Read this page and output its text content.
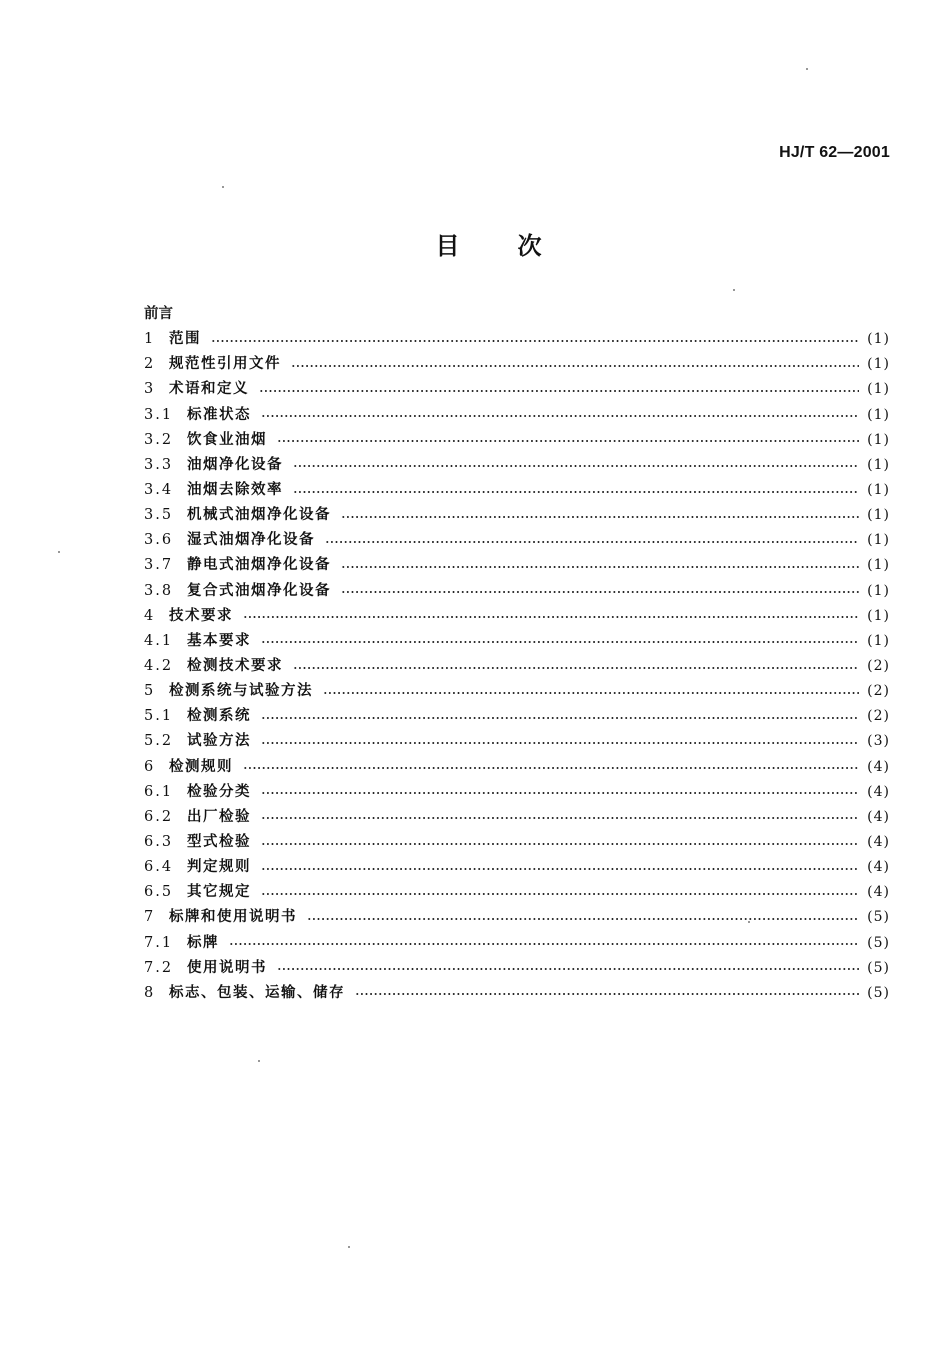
HJ/T 62—2001
目次
前言
1	范围	(1)
2	规范性引用文件	(1)
3	术语和定义	(1)
3.1 标准状态	(1)
3.2 饮食业油烟	(1)
3.3 油烟净化设备	(1)
3.4 油烟去除效率	(1)
3.5 机械式油烟净化设备	(1)
3.6 湿式油烟净化设备	(1)
3.7 静电式油烟净化设备	(1)
3.8 复合式油烟净化设备	(1)
4	技术要求	(1)
4.1 基本要求	(1)
4.2 检测技术要求	(2)
5	检测系统与试验方法	(2)
5.1 检测系统	(2)
5.2 试验方法	(3)
6	检测规则	(4)
6.1 检验分类	(4)
6.2 出厂检验	(4)
6.3 型式检验	(4)
6.4 判定规则	(4)
6.5 其它规定	(4)
7	标牌和使用说明书	(5)
7.1 标牌	(5)
7.2 使用说明书	(5)
8	标志、包装、运输、储存	(5)
